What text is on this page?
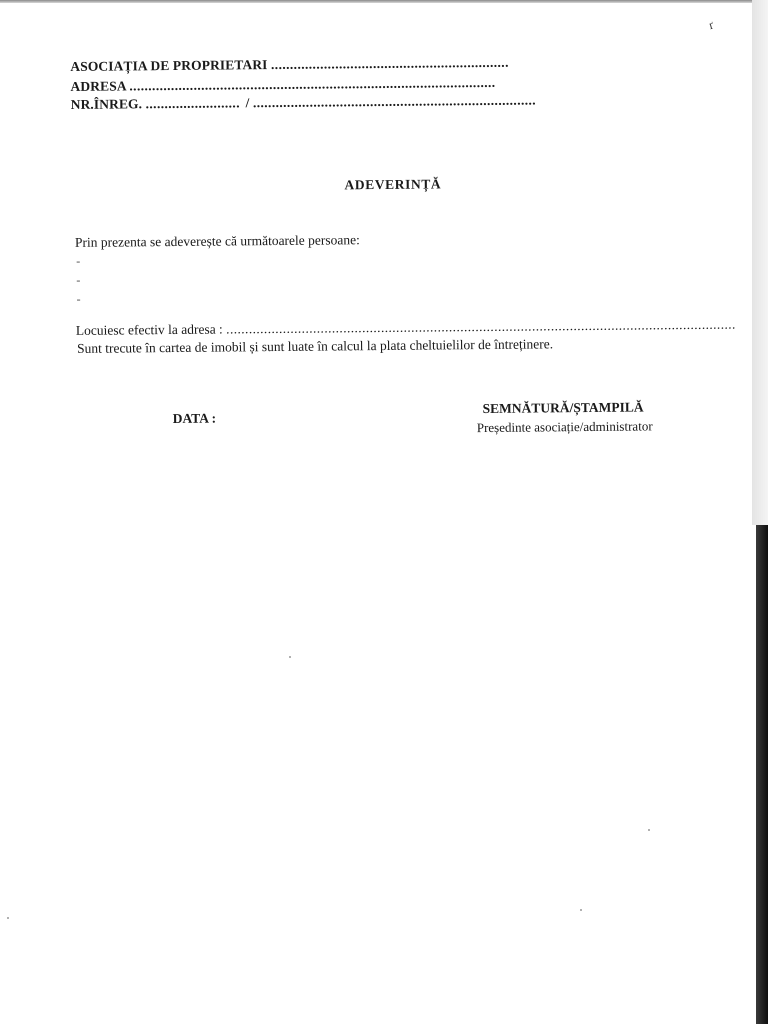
ґ
ASOCIAȚIA DE PROPRIETARI ...............................................................
ADRESA .................................................................................................
NR.ÎNREG. ......................... / ...........................................................................
ADEVERINȚĂ
Prin prezenta se adeverește că următoarele persoane:
-
-
-
Locuiesc efectiv la adresa : .......................................................................................................................................
Sunt trecute în cartea de imobil și sunt luate în calcul la plata cheltuielilor de întreținere.
DATA :
SEMNĂTURĂ/ȘTAMPILĂ
Președinte asociație/administrator
